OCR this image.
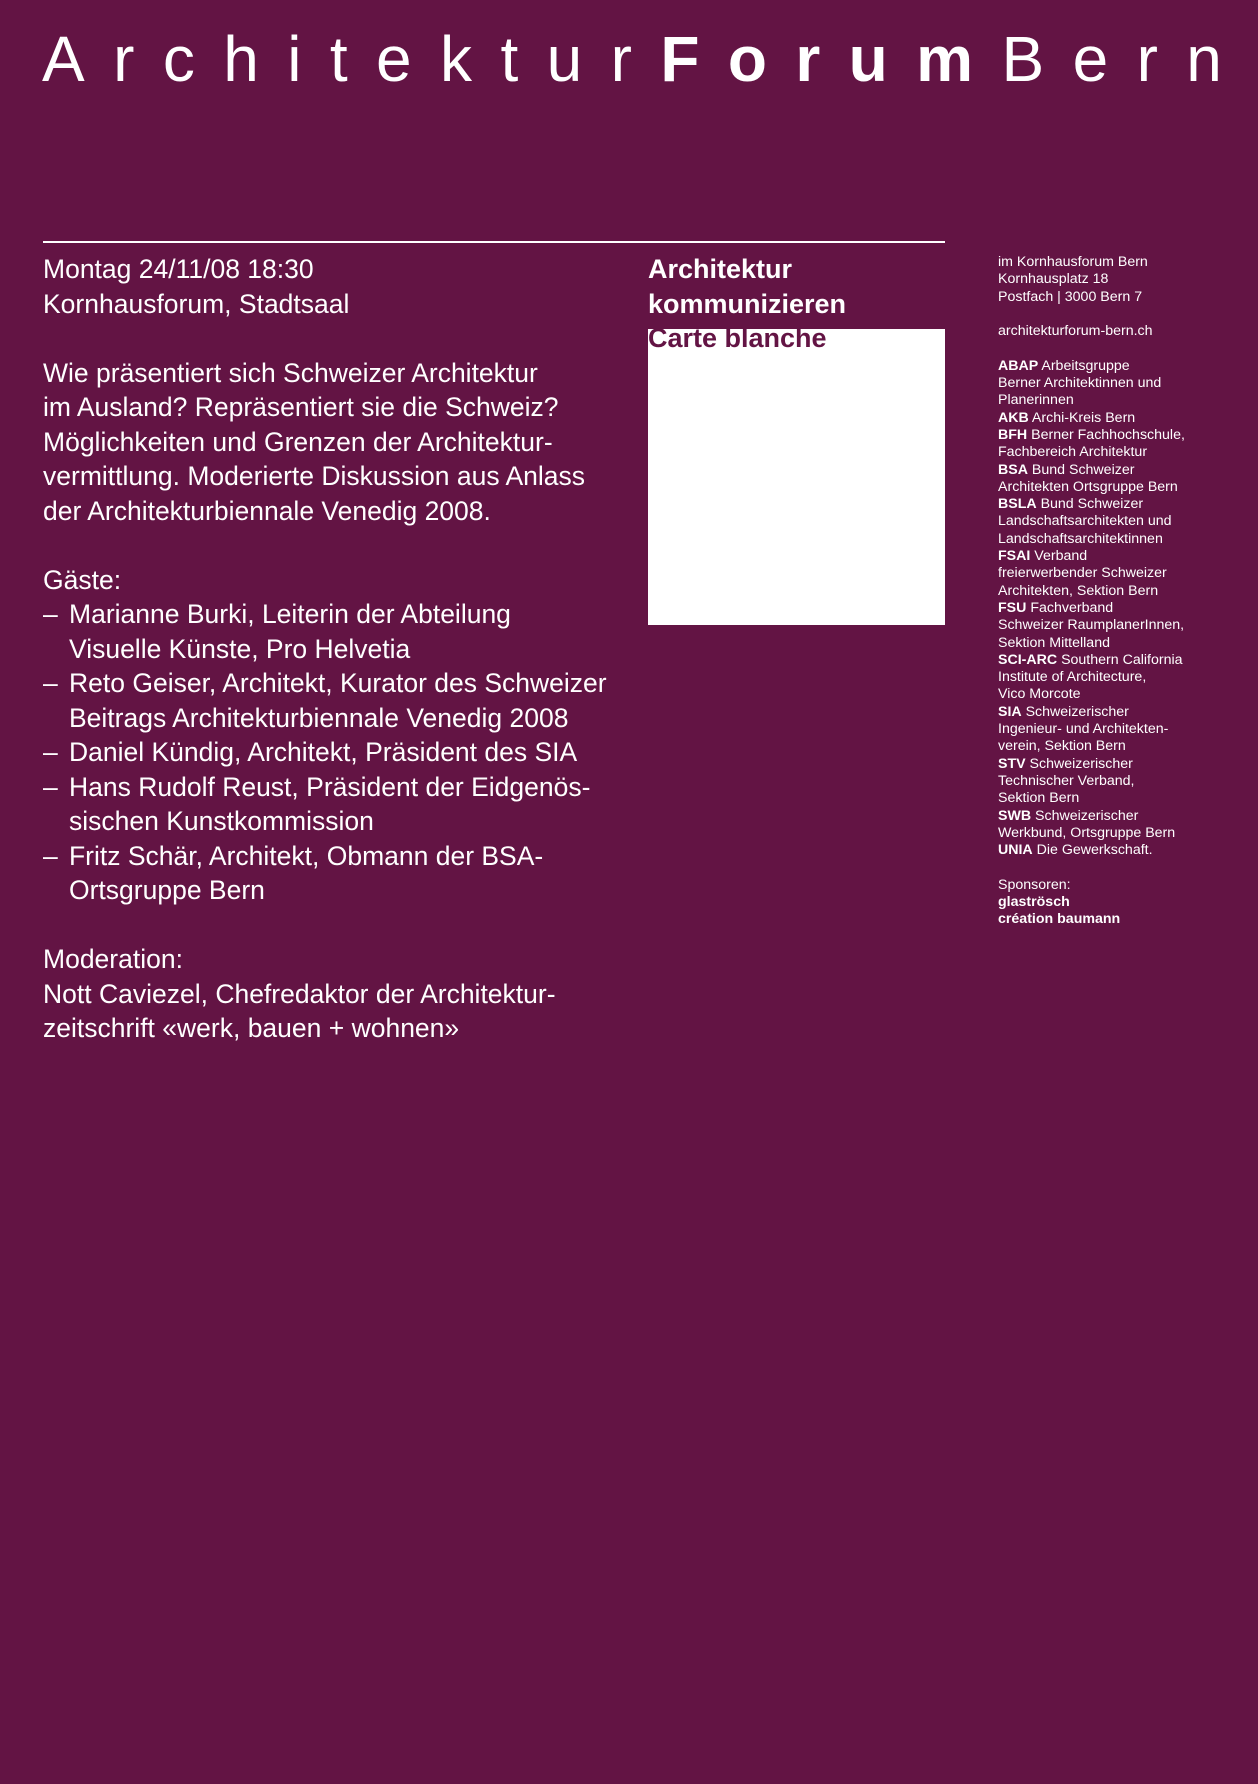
A r c h i t e k t u r F o r u m B e r n

Montag 24/11/08 18:30

Kornhausforum, Stadtsaal

Wie präsentiert sich Schweizer Architektur

im Ausland? Repräsentiert sie die Schweiz?

Möglichkeiten und Grenzen der Architektur-

vermittlung. Moderierte Diskussion aus Anlass

der Architekturbiennale Venedig 2008.

Gäste:

– Marianne Burki, Leiterin der Abteilung
Visuelle Künste, Pro Helvetia
– Reto Geiser, Architekt, Kurator des Schweizer
Beitrags Architekturbiennale Venedig 2008
– Daniel Kündig, Architekt, Präsident des SIA
– Hans Rudolf Reust, Präsident der Eidgenös-
sischen Kunstkommission
– Fritz Schär, Architekt, Obmann der BSA-
Ortsgruppe Bern

Moderation:

Nott Caviezel, Chefredaktor der Architektur-

zeitschrift «werk, bauen + wohnen»

Architektur
kommunizieren
Carte blanche

im Kornhausforum Bern

Kornhausplatz 18

Postfach | 3000 Bern 7

architekturforum-bern.ch

ABAP Arbeitsgruppe

Berner Architektinnen und

Planerinnen

AKB Archi-Kreis Bern

BFH Berner Fachhochschule,

Fachbereich Architektur

BSA Bund Schweizer

Architekten Ortsgruppe Bern

BSLA Bund Schweizer

Landschaftsarchitekten und

Landschaftsarchitektinnen

FSAI Verband

freierwerbender Schweizer

Architekten, Sektion Bern

FSU Fachverband

Schweizer RaumplanerInnen,

Sektion Mittelland

SCI-ARC Southern California

Institute of Architecture,

Vico Morcote

SIA Schweizerischer

Ingenieur- und Architekten-

verein, Sektion Bern

STV Schweizerischer

Technischer Verband,

Sektion Bern

SWB Schweizerischer

Werkbund, Ortsgruppe Bern

UNIA Die Gewerkschaft.

Sponsoren:

glaströsch

création baumann
